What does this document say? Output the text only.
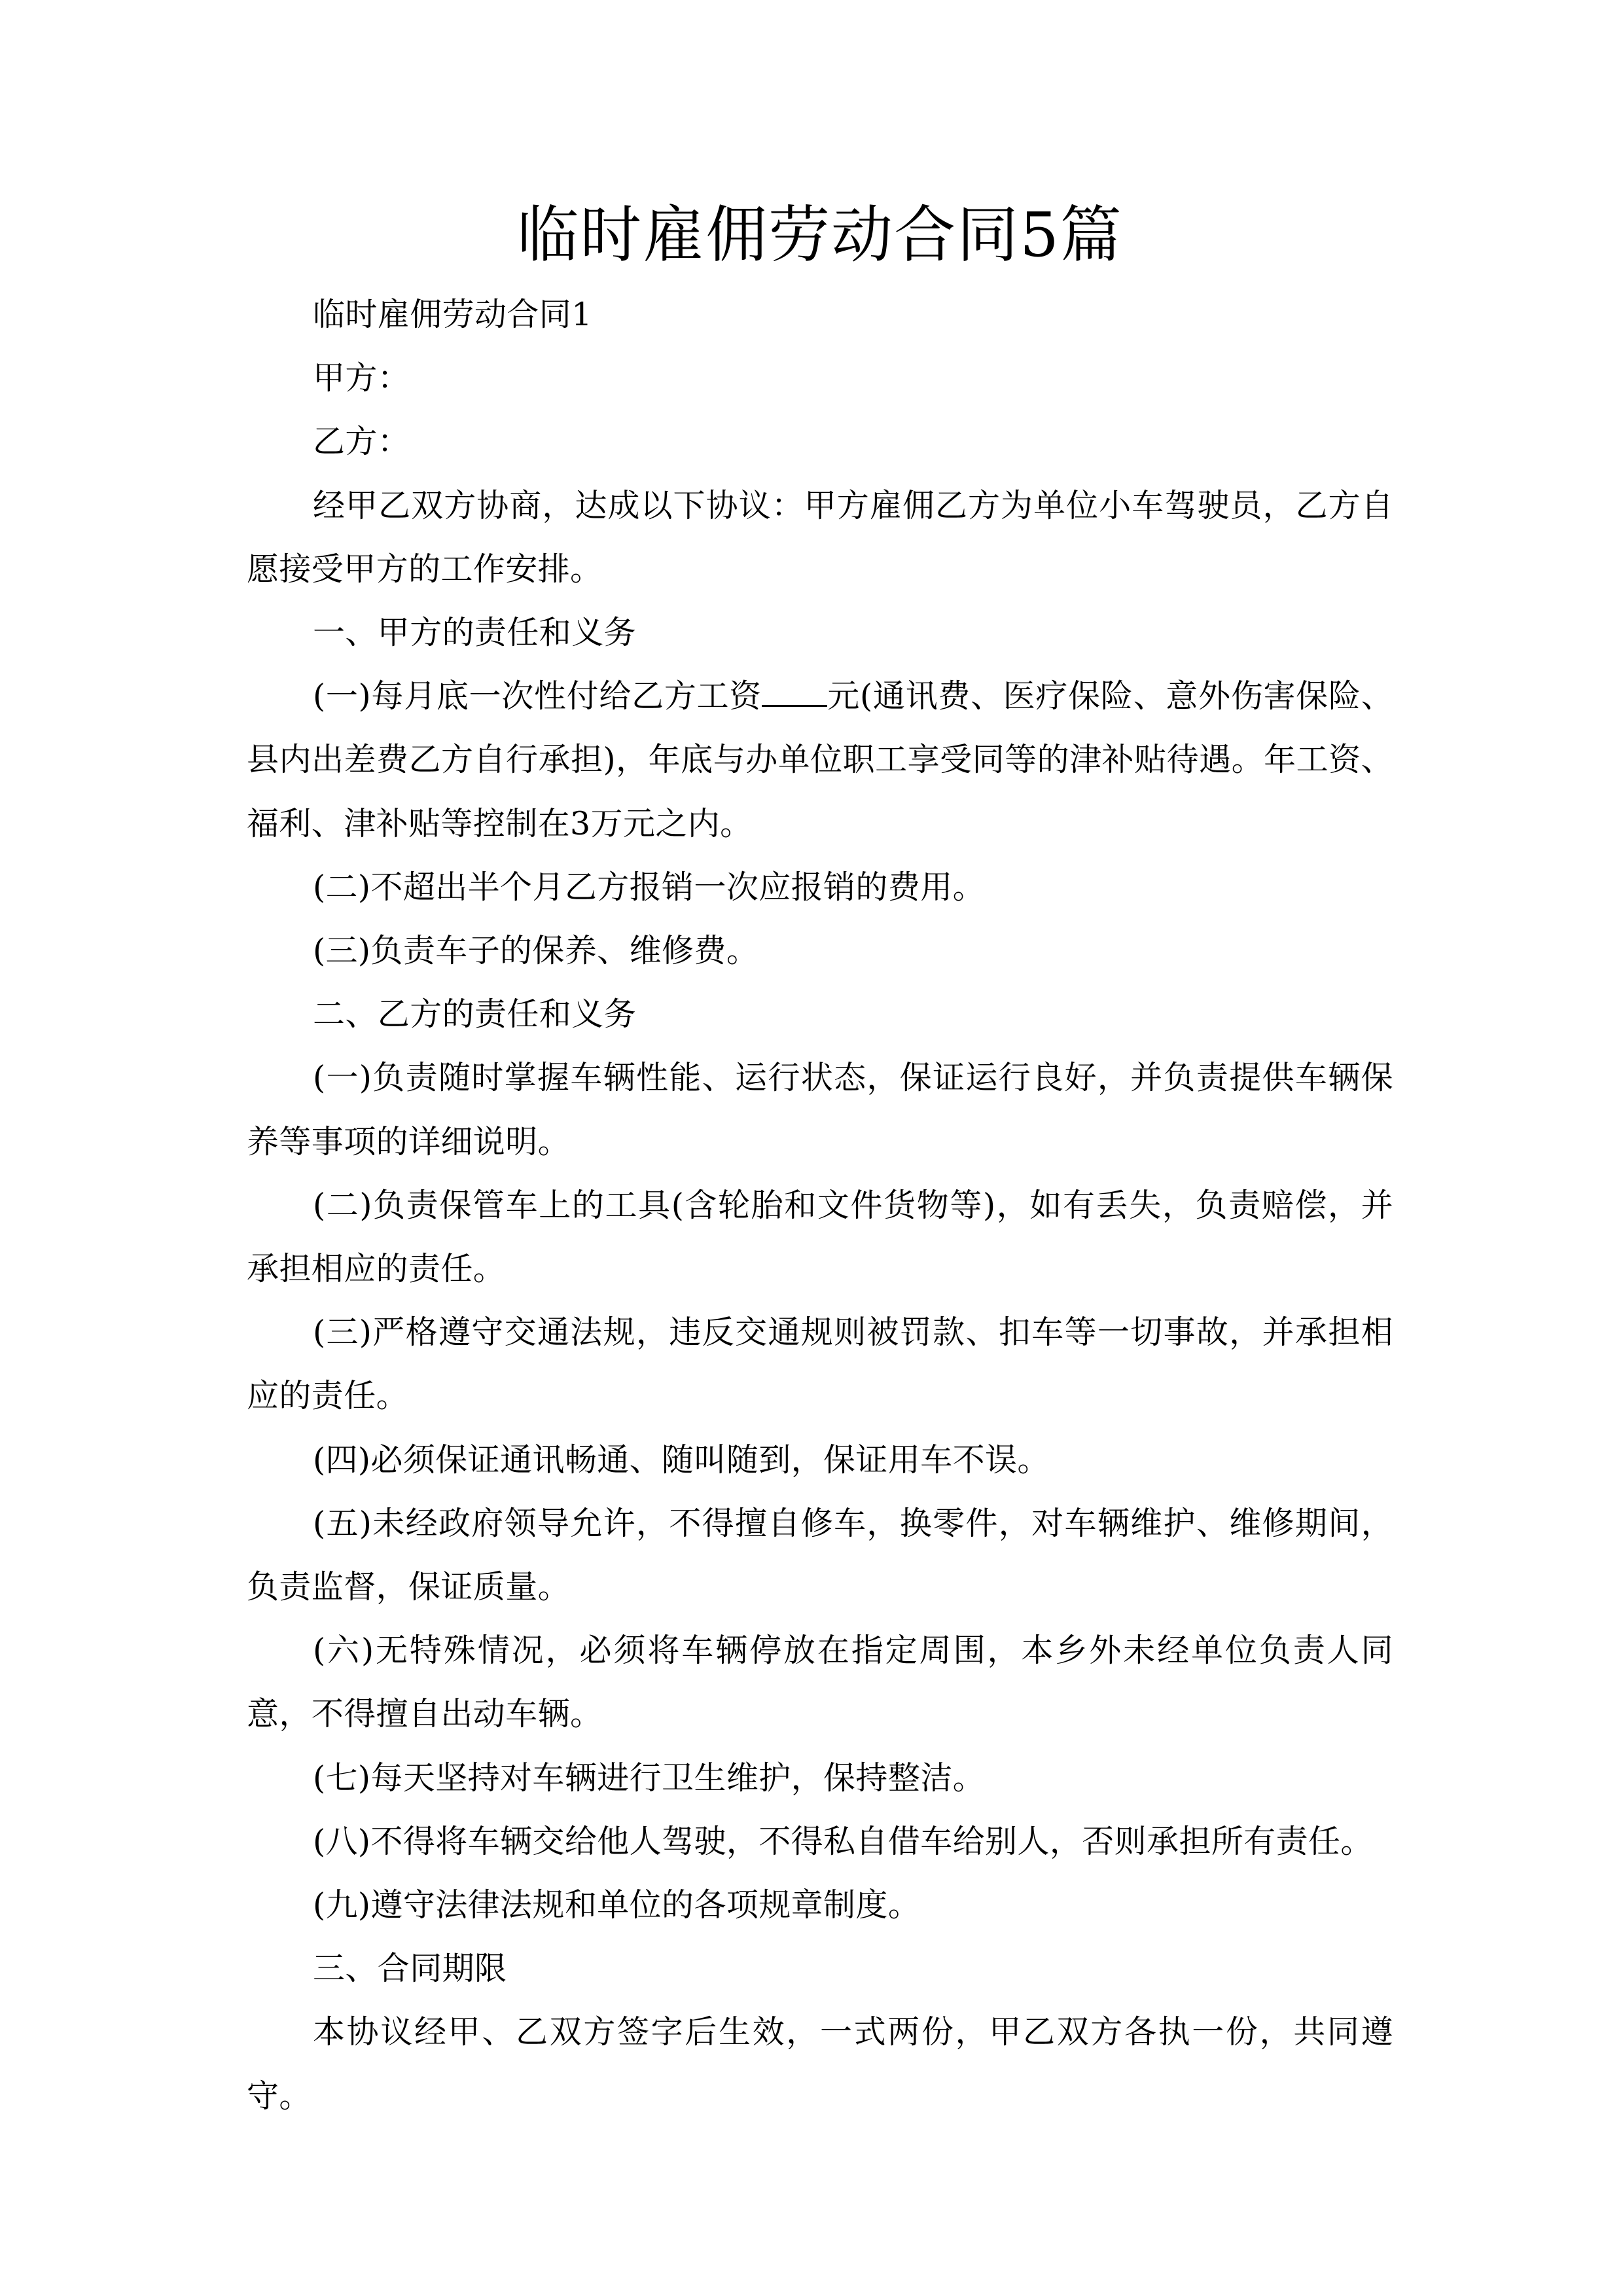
临时雇佣劳动合同5篇

临时雇佣劳动合同1

甲方：

乙方：

经甲乙双方协商，达成以下协议：甲方雇佣乙方为单位小车驾驶员，乙方自愿接受甲方的工作安排。

一、甲方的责任和义务

(一)每月底一次性付给乙方工资 元(通讯费、医疗保险、意外伤害保险、县内出差费乙方自行承担)，年底与办单位职工享受同等的津补贴待遇。年工资、福利、津补贴等控制在3万元之内。

(二)不超出半个月乙方报销一次应报销的费用。

(三)负责车子的保养、维修费。

二、乙方的责任和义务

(一)负责随时掌握车辆性能、运行状态，保证运行良好，并负责提供车辆保养等事项的详细说明。

(二)负责保管车上的工具(含轮胎和文件货物等)，如有丢失，负责赔偿，并承担相应的责任。

(三)严格遵守交通法规，违反交通规则被罚款、扣车等一切事故，并承担相应的责任。

(四)必须保证通讯畅通、随叫随到，保证用车不误。

(五)未经政府领导允许，不得擅自修车，换零件，对车辆维护、维修期间，负责监督，保证质量。

(六)无特殊情况，必须将车辆停放在指定周围，本乡外未经单位负责人同意，不得擅自出动车辆。

(七)每天坚持对车辆进行卫生维护，保持整洁。

(八)不得将车辆交给他人驾驶，不得私自借车给别人，否则承担所有责任。

(九)遵守法律法规和单位的各项规章制度。

三、合同期限

本协议经甲、乙双方签字后生效，一式两份，甲乙双方各执一份，共同遵守。
